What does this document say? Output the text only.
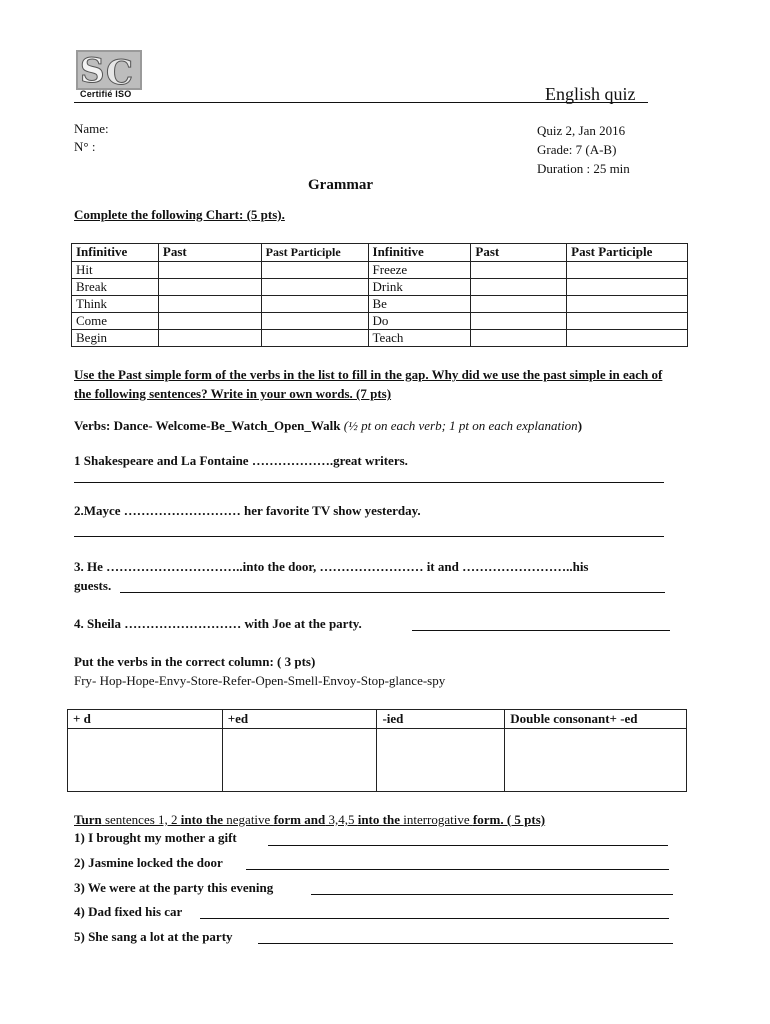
S C
Certifié ISO	English quiz
Name:
N° :
Quiz 2, Jan 2016
Grade: 7 (A-B)
Duration : 25 min
Grammar
Complete the following Chart: (5 pts).
Infinitive	Past	Past Participle	Infinitive	Past	Past Participle
Hit			Freeze		
Break			Drink		
Think			Be		
Come			Do		
Begin			Teach		
Use the Past simple form of the verbs in the list to fill in the gap. Why did we use the past simple in each of the following sentences? Write in your own words. (7 pts)
Verbs: Dance- Welcome-Be_Watch_Open_Walk (½ pt on each verb; 1 pt on each explanation)
1 Shakespeare and La Fontaine ……………….great writers.
2.Mayce ……………………… her favorite TV show yesterday.
3. He …………………………..into the door, …………………… it and ……………………..his
guests.
4. Sheila ……………………… with Joe at the party.
Put the verbs in the correct column: ( 3 pts)
Fry- Hop-Hope-Envy-Store-Refer-Open-Smell-Envoy-Stop-glance-spy
+ d	+ed	-ied	Double consonant+ -ed

Turn sentences 1, 2 into the negative form and 3,4,5 into the interrogative form. ( 5 pts)
1) I brought my mother a gift
2) Jasmine locked the door
3) We were at the party this evening
4) Dad fixed his car
5) She sang a lot at the party
